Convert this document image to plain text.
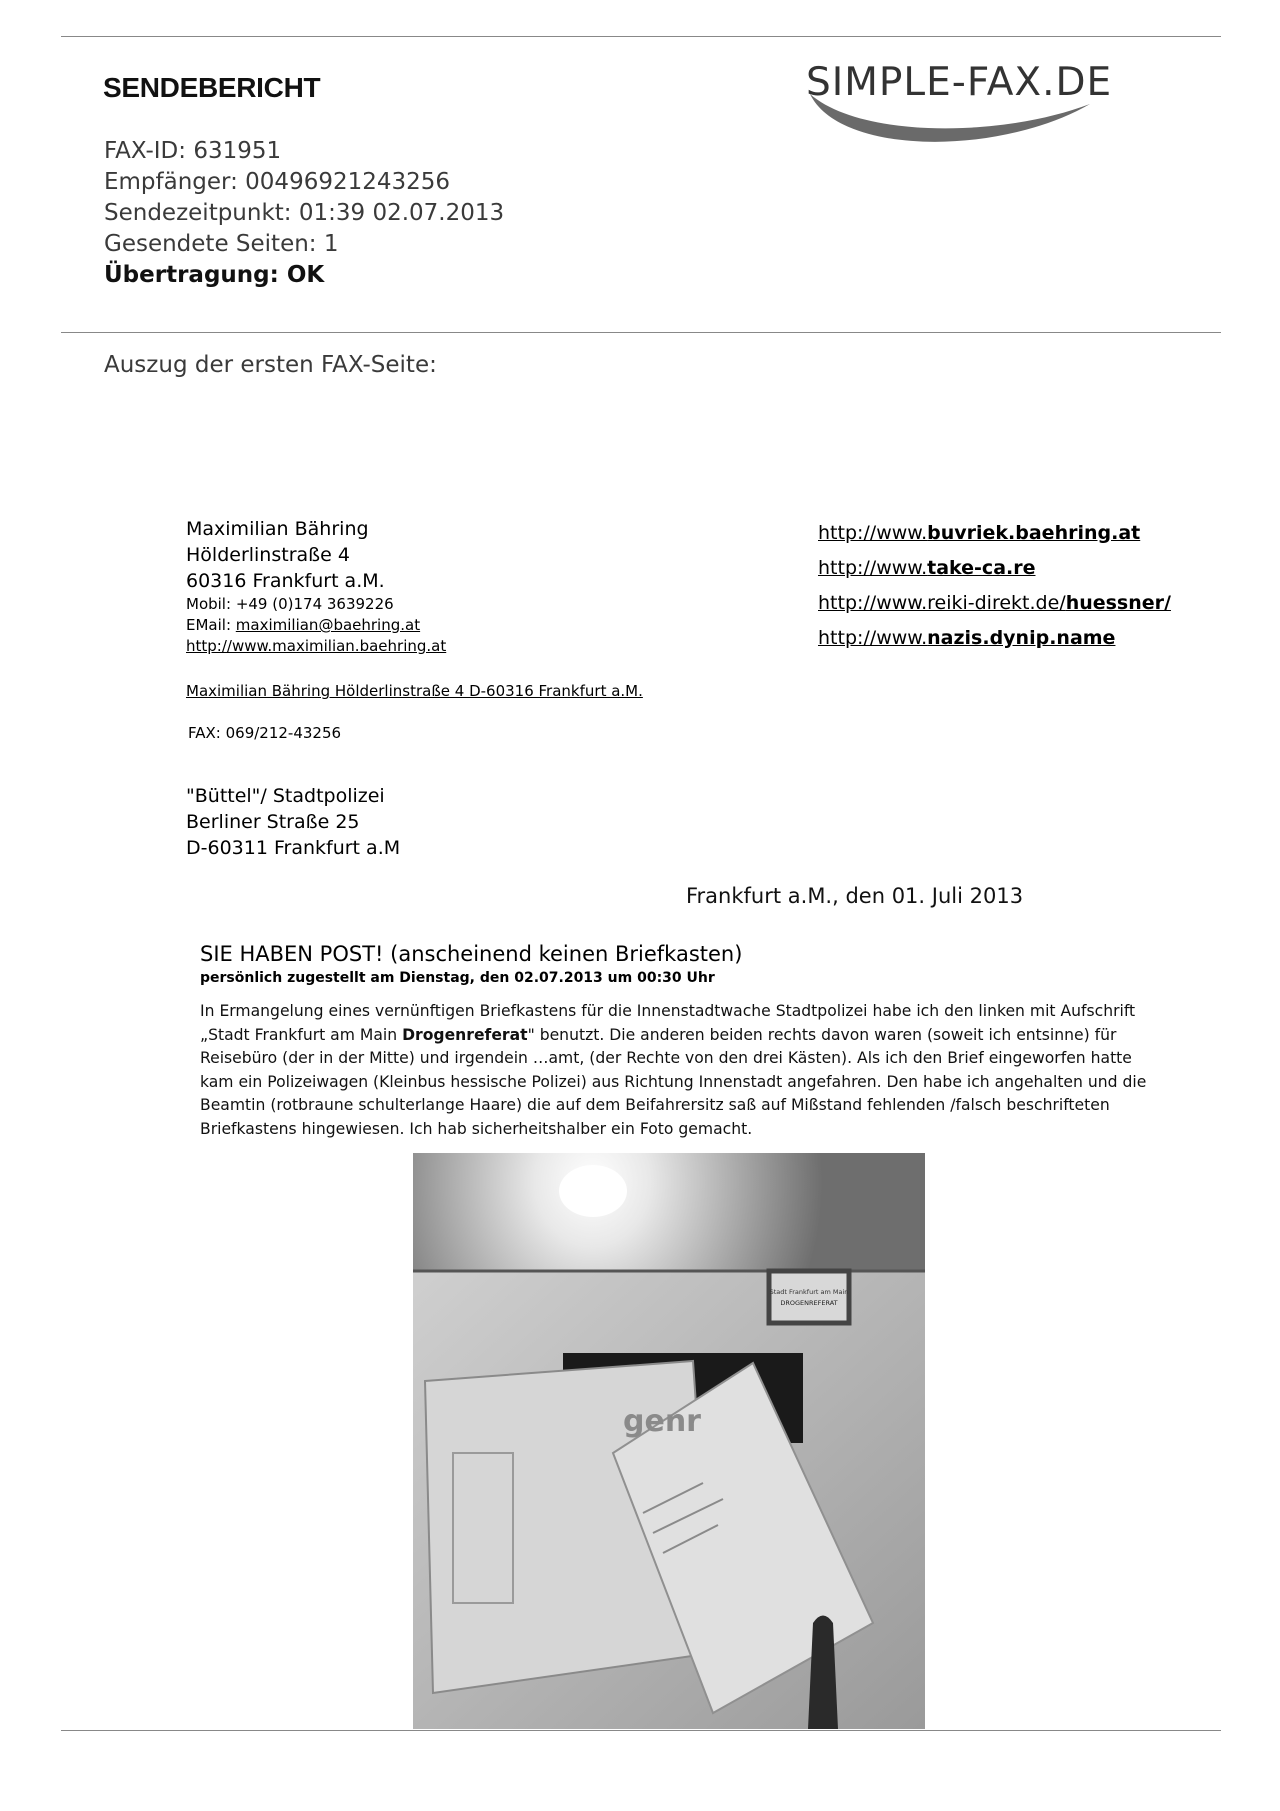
SENDEBERICHT	SIMPLE-FAX.DE
FAX-ID: 631951
Empfänger: 00496921243256
Sendezeitpunkt: 01:39 02.07.2013
Gesendete Seiten: 1
Übertragung: OK
Auszug der ersten FAX-Seite:
Maximilian Bähring
Hölderlinstraße 4
60316 Frankfurt a.M.
Mobil: +49 (0)174 3639226
EMail: maximilian@baehring.at
http://www.maximilian.baehring.at
http://www.buvriek.baehring.at
http://www.take-ca.re
http://www.reiki-direkt.de/huessner/
http://www.nazis.dynip.name
Maximilian Bähring Hölderlinstraße 4 D-60316 Frankfurt a.M.
FAX: 069/212-43256
"Büttel"/ Stadtpolizei
Berliner Straße 25
D-60311 Frankfurt a.M
Frankfurt a.M., den 01. Juli 2013
SIE HABEN POST! (anscheinend keinen Briefkasten)
persönlich zugestellt am Dienstag, den 02.07.2013 um 00:30 Uhr
In Ermangelung eines vernünftigen Briefkastens für die Innenstadtwache Stadtpolizei habe ich den linken mit Aufschrift „Stadt Frankfurt am Main Drogenreferat" benutzt. Die anderen beiden rechts davon waren (soweit ich entsinne) für Reisebüro (der in der Mitte) und irgendein …amt, (der Rechte von den drei Kästen). Als ich den Brief eingeworfen hatte kam ein Polizeiwagen (Kleinbus hessische Polizei) aus Richtung Innenstadt angefahren. Den habe ich angehalten und die Beamtin (rotbraune schulterlange Haare) die auf dem Beifahrersitz saß auf Mißstand fehlenden /falsch beschrifteten Briefkastens hingewiesen. Ich hab sicherheitshalber ein Foto gemacht.
Stadt Frankfurt am Main
DROGENREFERAT
genr
